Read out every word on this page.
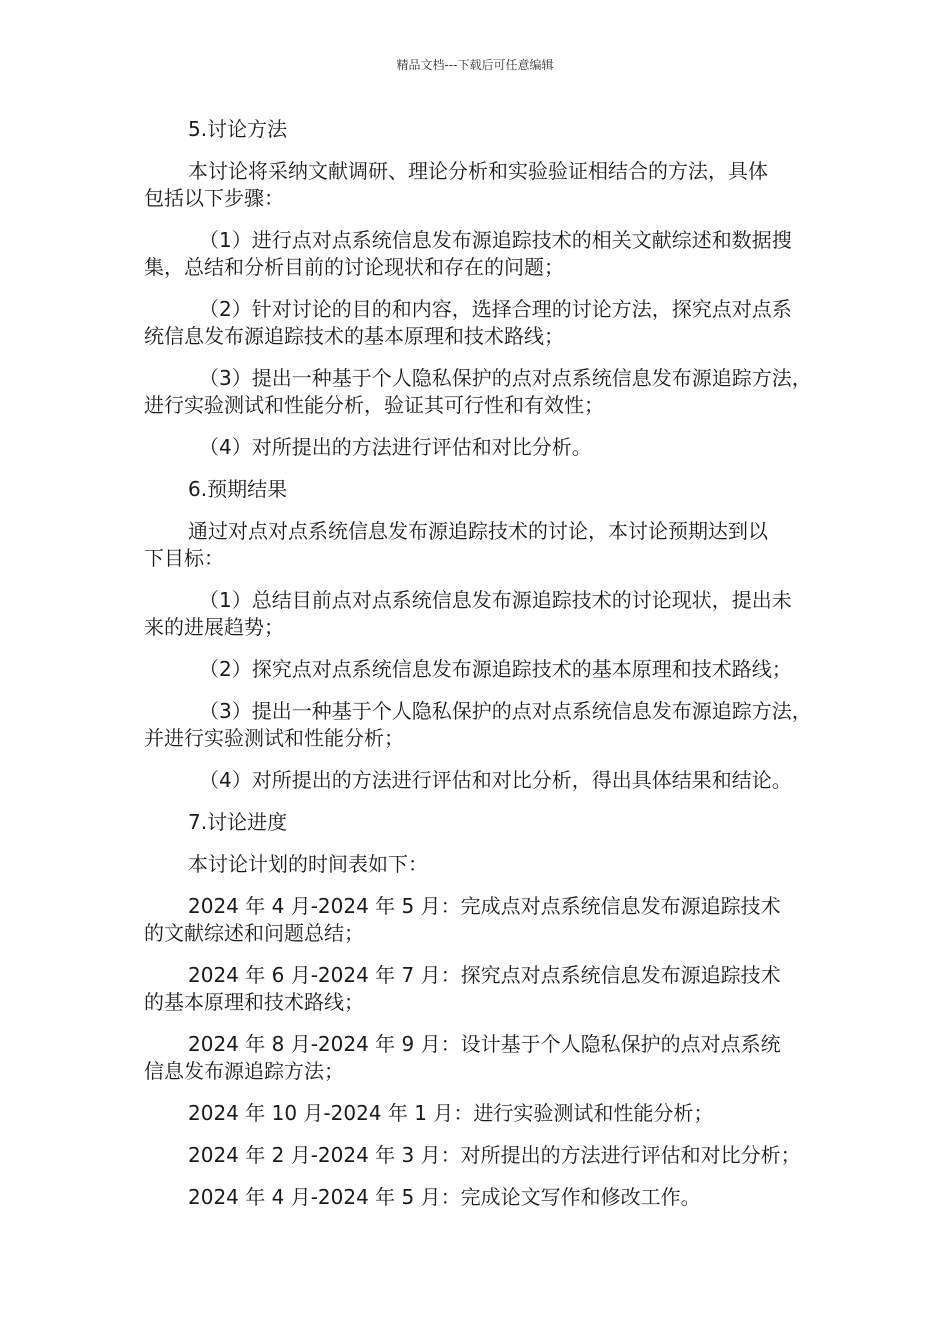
精品文档---下载后可任意编辑
5.讨论方法
本讨论将采纳文献调研、理论分析和实验验证相结合的方法，具体
包括以下步骤：
（1）进行点对点系统信息发布源追踪技术的相关文献综述和数据搜
集，总结和分析目前的讨论现状和存在的问题；
（2）针对讨论的目的和内容，选择合理的讨论方法，探究点对点系
统信息发布源追踪技术的基本原理和技术路线；
（3）提出一种基于个人隐私保护的点对点系统信息发布源追踪方法，
进行实验测试和性能分析，验证其可行性和有效性；
（4）对所提出的方法进行评估和对比分析。
6.预期结果
通过对点对点系统信息发布源追踪技术的讨论，本讨论预期达到以
下目标：
（1）总结目前点对点系统信息发布源追踪技术的讨论现状，提出未
来的进展趋势；
（2）探究点对点系统信息发布源追踪技术的基本原理和技术路线；
（3）提出一种基于个人隐私保护的点对点系统信息发布源追踪方法，
并进行实验测试和性能分析；
（4）对所提出的方法进行评估和对比分析，得出具体结果和结论。
7.讨论进度
本讨论计划的时间表如下：
2024 年 4 月-2024 年 5 月：完成点对点系统信息发布源追踪技术
的文献综述和问题总结；
2024 年 6 月-2024 年 7 月：探究点对点系统信息发布源追踪技术
的基本原理和技术路线；
2024 年 8 月-2024 年 9 月：设计基于个人隐私保护的点对点系统
信息发布源追踪方法；
2024 年 10 月-2024 年 1 月：进行实验测试和性能分析；
2024 年 2 月-2024 年 3 月：对所提出的方法进行评估和对比分析；
2024 年 4 月-2024 年 5 月：完成论文写作和修改工作。
